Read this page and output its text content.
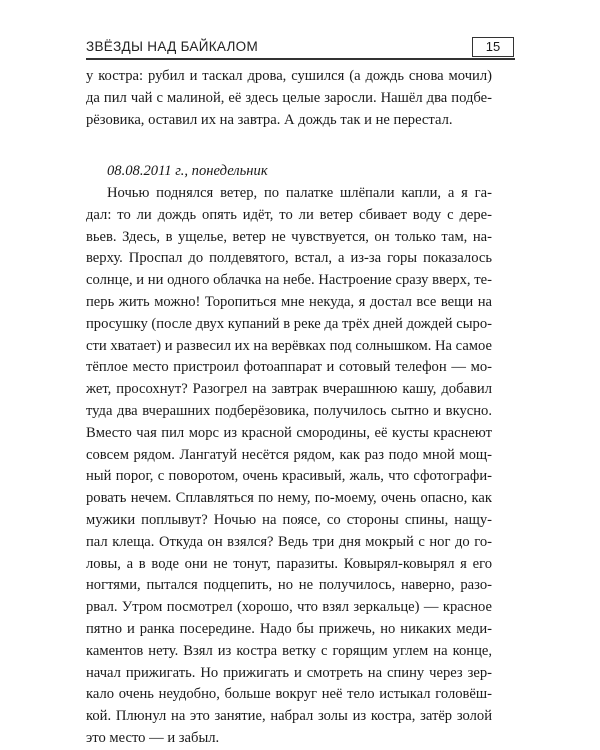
ЗВЁЗДЫ НАД БАЙКАЛОМ	15
у костра: рубил и таскал дрова, сушился (а дождь снова мочил)
да пил чай с малиной, её здесь целые заросли. Нашёл два подбе-
рёзовика, оставил их на завтра. А дождь так и не перестал.
08.08.2011 г., понедельник
Ночью поднялся ветер, по палатке шлёпали капли, а я га-
дал: то ли дождь опять идёт, то ли ветер сбивает воду с дере-
вьев. Здесь, в ущелье, ветер не чувствуется, он только там, на-
верху. Проспал до полдевятого, встал, а из-за горы показалось
солнце, и ни одного облачка на небе. Настроение сразу вверх, те-
перь жить можно! Торопиться мне некуда, я достал все вещи на
просушку (после двух купаний в реке да трёх дней дождей сыро-
сти хватает) и развесил их на верёвках под солнышком. На самое
тёплое место пристроил фотоаппарат и сотовый телефон — мо-
жет, просохнут? Разогрел на завтрак вчерашнюю кашу, добавил
туда два вчерашних подберёзовика, получилось сытно и вкусно.
Вместо чая пил морс из красной смородины, её кусты краснеют
совсем рядом. Лангатуй несётся рядом, как раз подо мной мощ-
ный порог, с поворотом, очень красивый, жаль, что сфотографи-
ровать нечем. Сплавляться по нему, по-моему, очень опасно, как
мужики поплывут? Ночью на поясе, со стороны спины, нащу-
пал клеща. Откуда он взялся? Ведь три дня мокрый с ног до го-
ловы, а в воде они не тонут, паразиты. Ковырял-ковырял я его
ногтями, пытался подцепить, но не получилось, наверно, разо-
рвал. Утром посмотрел (хорошо, что взял зеркальце) — красное
пятно и ранка посередине. Надо бы прижечь, но никаких меди-
каментов нету. Взял из костра ветку с горящим углем на конце,
начал прижигать. Но прижигать и смотреть на спину через зер-
кало очень неудобно, больше вокруг неё тело истыкал головёш-
кой. Плюнул на это занятие, набрал золы из костра, затёр золой
это место — и забыл.
